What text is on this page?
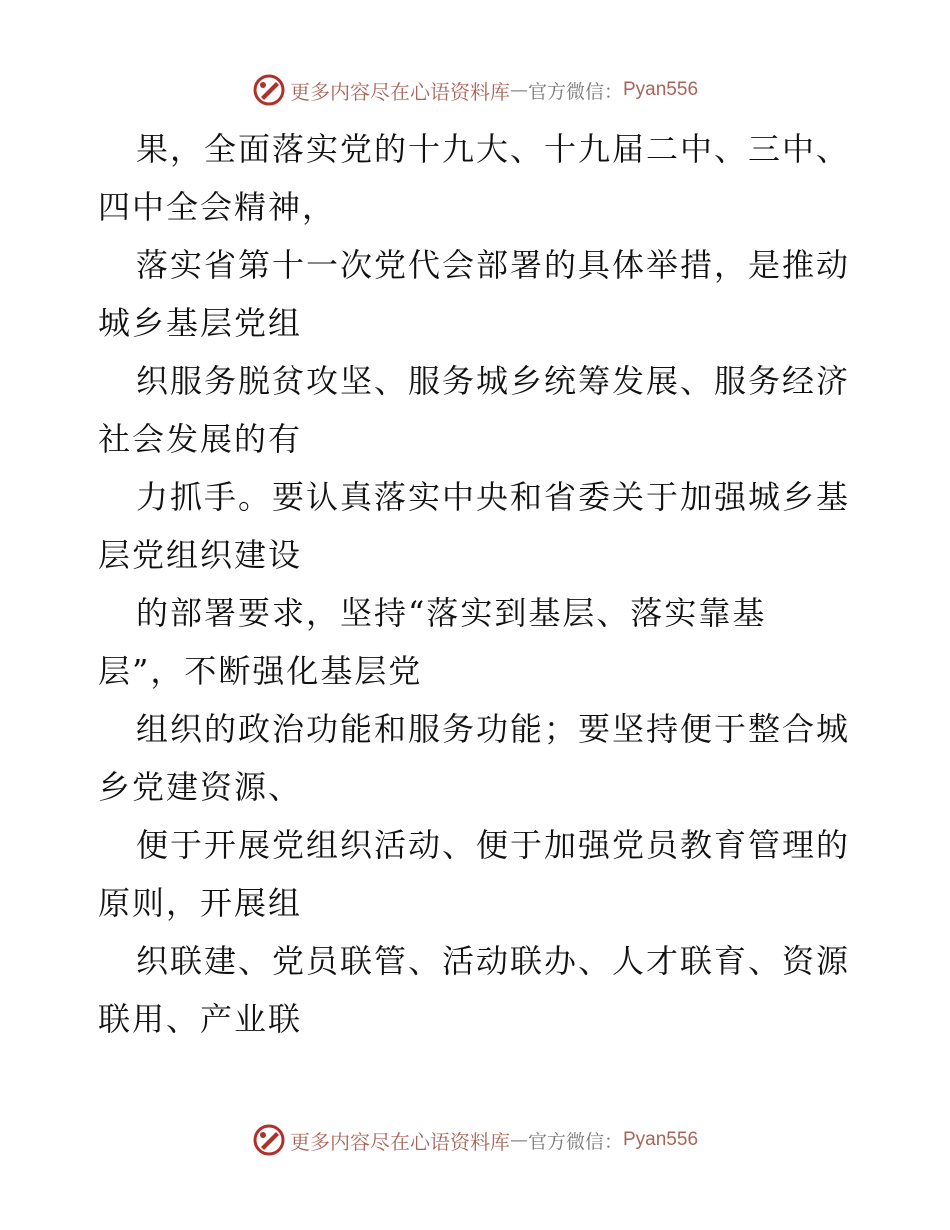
更多内容尽在心语资料库 — 官方微信： Pyan556
果，全面落实党的十九大、十九届二中、三中、
四中全会精神，
落实省第十一次党代会部署的具体举措，是推动
城乡基层党组
织服务脱贫攻坚、服务城乡统筹发展、服务经济
社会发展的有
力抓手。要认真落实中央和省委关于加强城乡基
层党组织建设
的部署要求，坚持“落实到基层、落实靠基
层”，不断强化基层党
组织的政治功能和服务功能；要坚持便于整合城
乡党建资源、
便于开展党组织活动、便于加强党员教育管理的
原则，开展组
织联建、党员联管、活动联办、人才联育、资源
联用、产业联
更多内容尽在心语资料库 — 官方微信： Pyan556
